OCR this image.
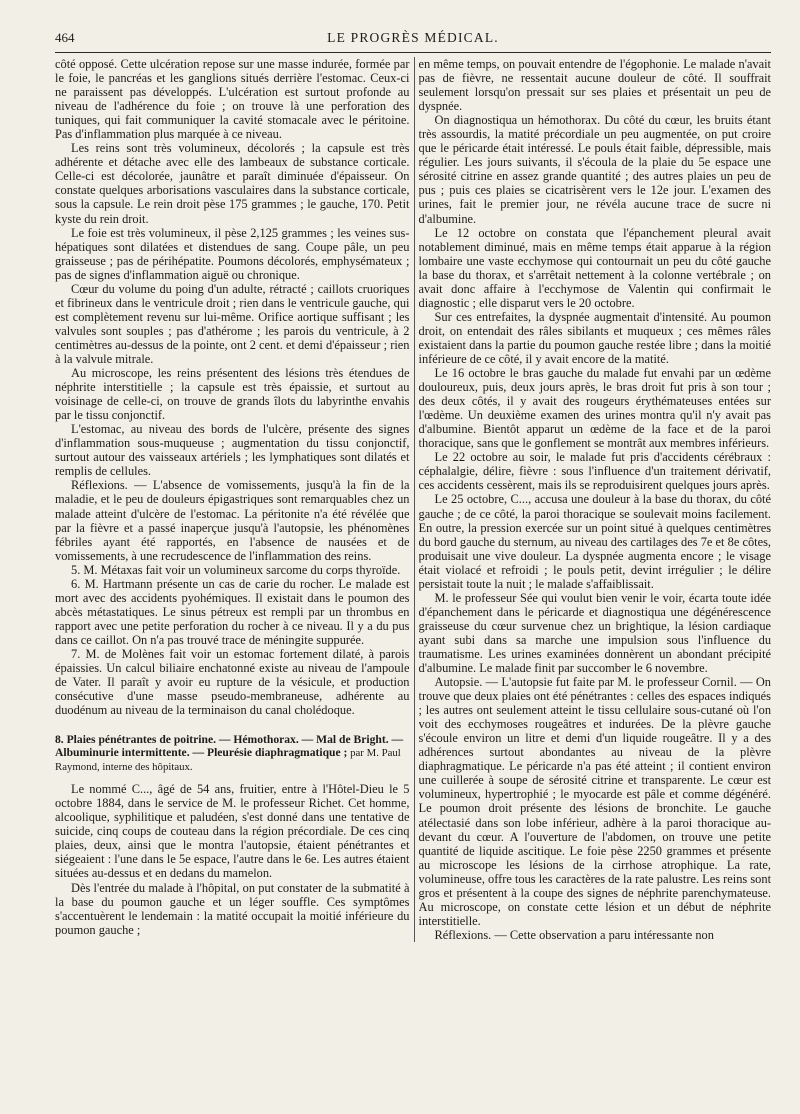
464	LE PROGRÈS MÉDICAL.

côté opposé. Cette ulcération repose sur une masse indurée, formée par le foie, le pancréas et les ganglions situés derrière l'estomac. Ceux-ci ne paraissent pas développés. L'ulcération est surtout profonde au niveau de l'adhérence du foie ; on trouve là une perforation des tuniques, qui fait communiquer la cavité stomacale avec le péritoine. Pas d'inflammation plus marquée à ce niveau.

Les reins sont très volumineux, décolorés ; la capsule est très adhérente et détache avec elle des lambeaux de substance corticale. Celle-ci est décolorée, jaunâtre et paraît diminuée d'épaisseur. On constate quelques arborisations vasculaires dans la substance corticale, sous la capsule. Le rein droit pèse 175 grammes ; le gauche, 170. Petit kyste du rein droit.

Le foie est très volumineux, il pèse 2,125 grammes ; les veines sus-hépatiques sont dilatées et distendues de sang. Coupe pâle, un peu graisseuse ; pas de périhépatite. Poumons décolorés, emphysémateux ; pas de signes d'inflammation aiguë ou chronique.

Cœur du volume du poing d'un adulte, rétracté ; caillots cruoriques et fibrineux dans le ventricule droit ; rien dans le ventricule gauche, qui est complètement revenu sur lui-même. Orifice aortique suffisant ; les valvules sont souples ; pas d'athérome ; les parois du ventricule, à 2 centimètres au-dessus de la pointe, ont 2 cent. et demi d'épaisseur ; rien à la valvule mitrale.

Au microscope, les reins présentent des lésions très étendues de néphrite interstitielle ; la capsule est très épaissie, et surtout au voisinage de celle-ci, on trouve de grands îlots du labyrinthe envahis par le tissu conjonctif.

L'estomac, au niveau des bords de l'ulcère, présente des signes d'inflammation sous-muqueuse ; augmentation du tissu conjonctif, surtout autour des vaisseaux artériels ; les lymphatiques sont dilatés et remplis de cellules.

Réflexions. — L'absence de vomissements, jusqu'à la fin de la maladie, et le peu de douleurs épigastriques sont remarquables chez un malade atteint d'ulcère de l'estomac. La péritonite n'a été révélée que par la fièvre et a passé inaperçue jusqu'à l'autopsie, les phénomènes fébriles ayant été rapportés, en l'absence de nausées et de vomissements, à une recrudescence de l'inflammation des reins.

5. M. Métaxas fait voir un volumineux sarcome du corps thyroïde.

6. M. Hartmann présente un cas de carie du rocher. Le malade est mort avec des accidents pyohémiques. Il existait dans le poumon des abcès métastatiques. Le sinus pétreux est rempli par un thrombus en rapport avec une petite perforation du rocher à ce niveau. Il y a du pus dans ce caillot. On n'a pas trouvé trace de méningite suppurée.

7. M. de Molènes fait voir un estomac fortement dilaté, à parois épaissies. Un calcul biliaire enchatonné existe au niveau de l'ampoule de Vater. Il paraît y avoir eu rupture de la vésicule, et production consécutive d'une masse pseudo-membraneuse, adhérente au duodénum au niveau de la terminaison du canal cholédoque.

8. Plaies pénétrantes de poitrine. — Hémothorax. — Mal de Bright. — Albuminurie intermittente. — Pleurésie diaphragmatique ; par M. Paul Raymond, interne des hôpitaux.

Le nommé C..., âgé de 54 ans, fruitier, entre à l'Hôtel-Dieu le 5 octobre 1884, dans le service de M. le professeur Richet. Cet homme, alcoolique, syphilitique et paludéen, s'est donné dans une tentative de suicide, cinq coups de couteau dans la région précordiale. De ces cinq plaies, deux, ainsi que le montra l'autopsie, étaient pénétrantes et siégeaient : l'une dans le 5e espace, l'autre dans le 6e. Les autres étaient situées au-dessus et en dedans du mamelon.

Dès l'entrée du malade à l'hôpital, on put constater de la submatité à la base du poumon gauche et un léger souffle. Ces symptômes s'accentuèrent le lendemain : la matité occupait la moitié inférieure du poumon gauche ;

en même temps, on pouvait entendre de l'égophonie. Le malade n'avait pas de fièvre, ne ressentait aucune douleur de côté. Il souffrait seulement lorsqu'on pressait sur ses plaies et présentait un peu de dyspnée.

On diagnostiqua un hémothorax. Du côté du cœur, les bruits étant très assourdis, la matité précordiale un peu augmentée, on put croire que le péricarde était intéressé. Le pouls était faible, dépressible, mais régulier. Les jours suivants, il s'écoula de la plaie du 5e espace une sérosité citrine en assez grande quantité ; des autres plaies un peu de pus ; puis ces plaies se cicatrisèrent vers le 12e jour. L'examen des urines, fait le premier jour, ne révéla aucune trace de sucre ni d'albumine.

Le 12 octobre on constata que l'épanchement pleural avait notablement diminué, mais en même temps était apparue à la région lombaire une vaste ecchymose qui contournait un peu du côté gauche la base du thorax, et s'arrêtait nettement à la colonne vertébrale ; on avait donc affaire à l'ecchymose de Valentin qui confirmait le diagnostic ; elle disparut vers le 20 octobre.

Sur ces entrefaites, la dyspnée augmentait d'intensité. Au poumon droit, on entendait des râles sibilants et muqueux ; ces mêmes râles existaient dans la partie du poumon gauche restée libre ; dans la moitié inférieure de ce côté, il y avait encore de la matité.

Le 16 octobre le bras gauche du malade fut envahi par un œdème douloureux, puis, deux jours après, le bras droit fut pris à son tour ; des deux côtés, il y avait des rougeurs érythémateuses entées sur l'œdème. Un deuxième examen des urines montra qu'il n'y avait pas d'albumine. Bientôt apparut un œdème de la face et de la paroi thoracique, sans que le gonflement se montrât aux membres inférieurs.

Le 22 octobre au soir, le malade fut pris d'accidents cérébraux : céphalalgie, délire, fièvre : sous l'influence d'un traitement dérivatif, ces accidents cessèrent, mais ils se reproduisirent quelques jours après.

Le 25 octobre, C..., accusa une douleur à la base du thorax, du côté gauche ; de ce côté, la paroi thoracique se soulevait moins facilement. En outre, la pression exercée sur un point situé à quelques centimètres du bord gauche du sternum, au niveau des cartilages des 7e et 8e côtes, produisait une vive douleur. La dyspnée augmenta encore ; le visage était violacé et refroidi ; le pouls petit, devint irrégulier ; le délire persistait toute la nuit ; le malade s'affaiblissait.

M. le professeur Sée qui voulut bien venir le voir, écarta toute idée d'épanchement dans le péricarde et diagnostiqua une dégénérescence graisseuse du cœur survenue chez un brightique, la lésion cardiaque ayant subi dans sa marche une impulsion sous l'influence du traumatisme. Les urines examinées donnèrent un abondant précipité d'albumine. Le malade finit par succomber le 6 novembre.

Autopsie. — L'autopsie fut faite par M. le professeur Cornil. — On trouve que deux plaies ont été pénétrantes : celles des espaces indiqués ; les autres ont seulement atteint le tissu cellulaire sous-cutané où l'on voit des ecchymoses rougeâtres et indurées. De la plèvre gauche s'écoule environ un litre et demi d'un liquide rougeâtre. Il y a des adhérences surtout abondantes au niveau de la plèvre diaphragmatique. Le péricarde n'a pas été atteint ; il contient environ une cuillerée à soupe de sérosité citrine et transparente. Le cœur est volumineux, hypertrophié ; le myocarde est pâle et comme dégénéré. Le poumon droit présente des lésions de bronchite. Le gauche atélectasié dans son lobe inférieur, adhère à la paroi thoracique au-devant du cœur. A l'ouverture de l'abdomen, on trouve une petite quantité de liquide ascitique. Le foie pèse 2250 grammes et présente au microscope les lésions de la cirrhose atrophique. La rate, volumineuse, offre tous les caractères de la rate palustre. Les reins sont gros et présentent à la coupe des signes de néphrite parenchymateuse. Au microscope, on constate cette lésion et un début de néphrite interstitielle.

Réflexions. — Cette observation a paru intéressante non
